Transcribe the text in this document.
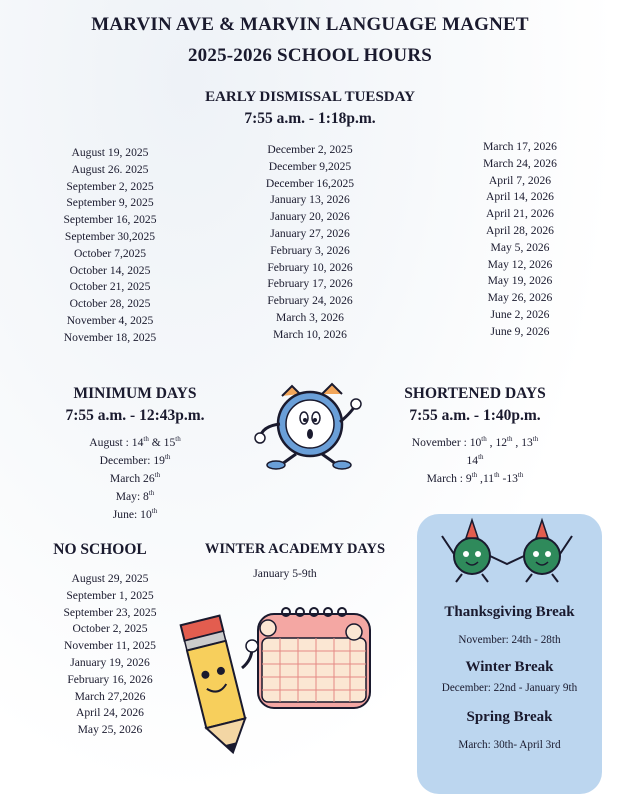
MARVIN AVE & MARVIN LANGUAGE MAGNET
2025-2026 SCHOOL HOURS
EARLY DISMISSAL TUESDAY
7:55 a.m. - 1:18p.m.
August 19, 2025
August 26. 2025
September 2, 2025
September 9, 2025
September 16, 2025
September 30,2025
October 7,2025
October 14, 2025
October 21, 2025
October 28, 2025
November 4, 2025
November 18, 2025
December 2, 2025
December 9,2025
December 16,2025
January 13, 2026
January 20, 2026
January 27, 2026
February 3, 2026
February 10, 2026
February 17, 2026
February 24, 2026
March 3, 2026
March 10, 2026
March 17, 2026
March 24, 2026
April 7, 2026
April 14, 2026
April 21, 2026
April 28, 2026
May 5, 2026
May 12, 2026
May 19, 2026
May 26, 2026
June 2, 2026
June 9, 2026
MINIMUM DAYS
7:55 a.m. - 12:43p.m.
August : 14th & 15th
December: 19th
March 26th
May: 8th
June: 10th
SHORTENED DAYS
7:55 a.m. - 1:40p.m.
November : 10th , 12th , 13th
14th
March : 9th ,11th -13th
NO SCHOOL
August 29, 2025
September 1, 2025
September 23, 2025
October 2, 2025
November 11, 2025
January 19, 2026
February 16, 2026
March 27,2026
April 24, 2026
May 25, 2026
WINTER ACADEMY DAYS
January 5-9th
Thanksgiving Break
November: 24th - 28th
Winter Break
December: 22nd - January 9th
Spring Break
March: 30th- April 3rd
